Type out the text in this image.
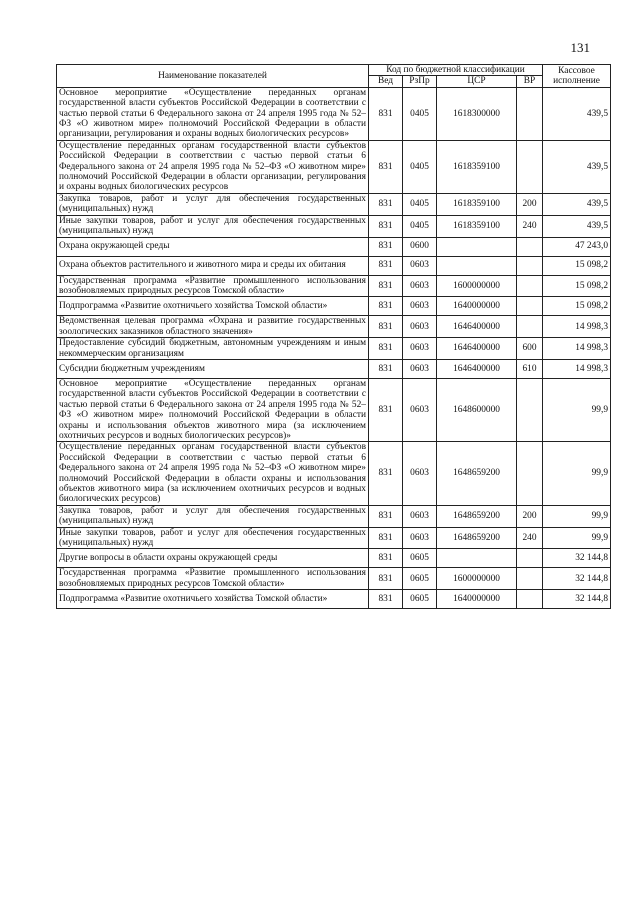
131
Наименование показателей	Код по бюджетной классификации				Кассовое исполнение
	Вед	РзПр	ЦСР	ВР	
Основное мероприятие «Осуществление переданных органам государственной власти субъектов Российской Федерации в соответствии с частью первой статьи 6 Федерального закона от 24 апреля 1995 года № 52–ФЗ «О животном мире» полномочий Российской Федерации в области организации, регулирования и охраны водных биологических ресурсов»	831	0405	1618300000		439,5
Осуществление переданных органам государственной власти субъектов Российской Федерации в соответствии с частью первой статьи 6 Федерального закона от 24 апреля 1995 года № 52–ФЗ «О животном мире» полномочий Российской Федерации в области организации, регулирования и охраны водных биологических ресурсов	831	0405	1618359100		439,5
Закупка товаров, работ и услуг для обеспечения государственных (муниципальных) нужд	831	0405	1618359100	200	439,5
Иные закупки товаров, работ и услуг для обеспечения государственных (муниципальных) нужд	831	0405	1618359100	240	439,5
Охрана окружающей среды	831	0600			47 243,0
Охрана объектов растительного и животного мира и среды их обитания	831	0603			15 098,2
Государственная программа «Развитие промышленного использования возобновляемых природных ресурсов Томской области»	831	0603	1600000000		15 098,2
Подпрограмма «Развитие охотничьего хозяйства Томской области»	831	0603	1640000000		15 098,2
Ведомственная целевая программа «Охрана и развитие государственных зоологических заказников областного значения»	831	0603	1646400000		14 998,3
Предоставление субсидий бюджетным, автономным учреждениям и иным некоммерческим организациям	831	0603	1646400000	600	14 998,3
Субсидии бюджетным учреждениям	831	0603	1646400000	610	14 998,3
Основное мероприятие «Осуществление переданных органам государственной власти субъектов Российской Федерации в соответствии с частью первой статьи 6 Федерального закона от 24 апреля 1995 года № 52–ФЗ «О животном мире» полномочий Российской Федерации в области охраны и использования объектов животного мира (за исключением охотничьих ресурсов и водных биологических ресурсов)»	831	0603	1648600000		99,9
Осуществление переданных органам государственной власти субъектов Российской Федерации в соответствии с частью первой статьи 6 Федерального закона от 24 апреля 1995 года № 52–ФЗ «О животном мире» полномочий Российской Федерации в области охраны и использования объектов животного мира (за исключением охотничьих ресурсов и водных биологических ресурсов)	831	0603	1648659200		99,9
Закупка товаров, работ и услуг для обеспечения государственных (муниципальных) нужд	831	0603	1648659200	200	99,9
Иные закупки товаров, работ и услуг для обеспечения государственных (муниципальных) нужд	831	0603	1648659200	240	99,9
Другие вопросы в области охраны окружающей среды	831	0605			32 144,8
Государственная программа «Развитие промышленного использования возобновляемых природных ресурсов Томской области»	831	0605	1600000000		32 144,8
Подпрограмма «Развитие охотничьего хозяйства Томской области»	831	0605	1640000000		32 144,8
